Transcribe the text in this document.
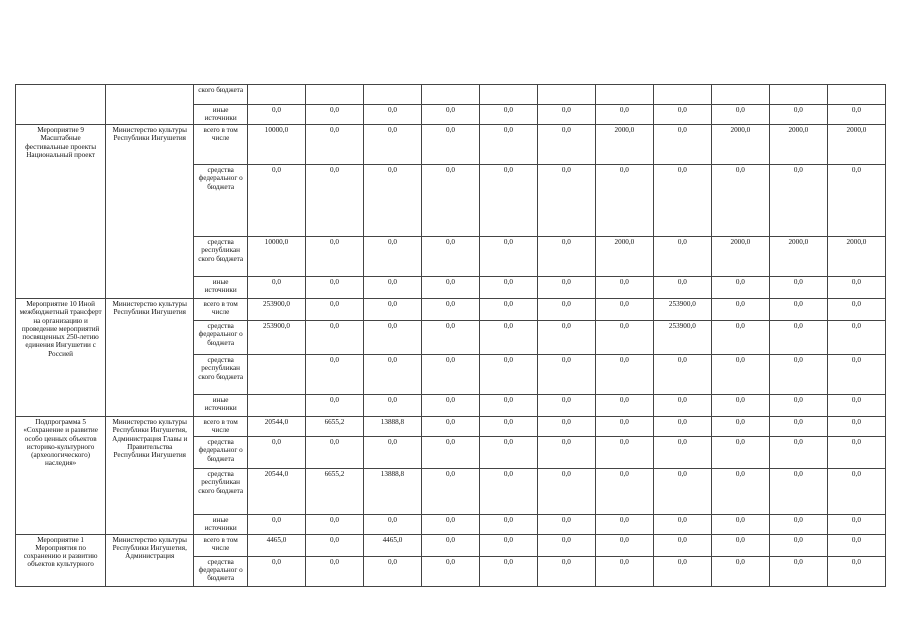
		ского бюджета												
		иные источники	0,0	0,0	0,0	0,0	0,0	0,0	0,0	0,0	0,0	0,0	0,0	
Мероприятие 9 Масштабные фестивальные проекты Национальный проект	Министерство культуры Республики Ингушетия	всего в том числе	10000,0	0,0	0,0	0,0	0,0	0,0	2000,0	0,0	2000,0	2000,0	2000,0	
		средства федеральног о бюджета	0,0	0,0	0,0	0,0	0,0	0,0	0,0	0,0	0,0	0,0	0,0	
		средства республикан ского бюджета	10000,0	0,0	0,0	0,0	0,0	0,0	2000,0	0,0	2000,0	2000,0	2000,0	
		иные источники	0,0	0,0	0,0	0,0	0,0	0,0	0,0	0,0	0,0	0,0	0,0	
Мероприятие 10 Иной межбюджетный трансферт на организацию и проведение мероприятий посвященных 250-летию единения Ингушетии с Россией	Министерство культуры Республики Ингушетия	всего в том числе	253900,0	0,0	0,0	0,0	0,0	0,0	0,0	253900,0	0,0	0,0	0,0	
		средства федеральног о бюджета	253900,0	0,0	0,0	0,0	0,0	0,0	0,0	253900,0	0,0	0,0	0,0	
		средства республикан ского бюджета		0,0	0,0	0,0	0,0	0,0	0,0	0,0	0,0	0,0	0,0	
		иные источники		0,0	0,0	0,0	0,0	0,0	0,0	0,0	0,0	0,0	0,0	
Подпрограмма 5 «Сохранение и развитие особо ценных объектов историко-культурного (археологического) наследия»	Министерство культуры Республики Ингушетия, Администрация Главы и Правительства Республики Ингушетия	всего в том числе	20544,0	6655,2	13888,8	0,0	0,0	0,0	0,0	0,0	0,0	0,0	0,0	
		средства федеральног о бюджета	0,0	0,0	0,0	0,0	0,0	0,0	0,0	0,0	0,0	0,0	0,0	
		средства республикан ского бюджета	20544,0	6655,2	13888,8	0,0	0,0	0,0	0,0	0,0	0,0	0,0	0,0	
		иные источники	0,0	0,0	0,0	0,0	0,0	0,0	0,0	0,0	0,0	0,0	0,0	
Мероприятие 1 Мероприятия по сохранению и развитию объектов культурного	Министерство культуры Республики Ингушетия, Администрация	всего в том числе	4465,0	0,0	4465,0	0,0	0,0	0,0	0,0	0,0	0,0	0,0	0,0	
		средства федеральног о бюджета	0,0	0,0	0,0	0,0	0,0	0,0	0,0	0,0	0,0	0,0	0,0	
